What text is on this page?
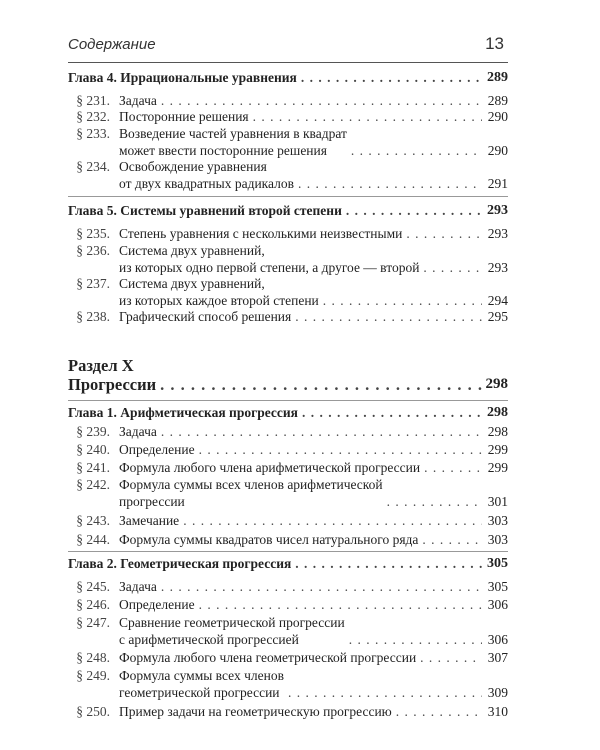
Содержание	13
Глава 4. Иррациональные уравнения . . .	289
§ 231. Задача . . .	289
§ 232. Посторонние решения . . .	290
§ 233. Возведение частей уравнения в квадрат
может ввести посторонние решения . . .	290
§ 234. Освобождение уравнения
от двух квадратных радикалов . . .	291
Глава 5. Системы уравнений второй степени . . .	293
§ 235. Степень уравнения с несколькими неизвестными . . .	293
§ 236. Система двух уравнений,
из которых одно первой степени, а другое — второй . . .	293
§ 237. Система двух уравнений,
из которых каждое второй степени . . .	294
§ 238. Графический способ решения . . .	295
Раздел X
Прогрессии . . .	298
Глава 1. Арифметическая прогрессия . . .	298
§ 239. Задача . . .	298
§ 240. Определение . . .	299
§ 241. Формула любого члена арифметической прогрессии . . .	299
§ 242. Формула суммы всех членов арифметической
прогрессии . . .	301
§ 243. Замечание . . .	303
§ 244. Формула суммы квадратов чисел натурального ряда . . .	303
Глава 2. Геометрическая прогрессия . . .	305
§ 245. Задача . . .	305
§ 246. Определение . . .	306
§ 247. Сравнение геометрической прогрессии
с арифметической прогрессией . . .	306
§ 248. Формула любого члена геометрической прогрессии . . .	307
§ 249. Формула суммы всех членов
геометрической прогрессии . . .	309
§ 250. Пример задачи на геометрическую прогрессию . . .	310
